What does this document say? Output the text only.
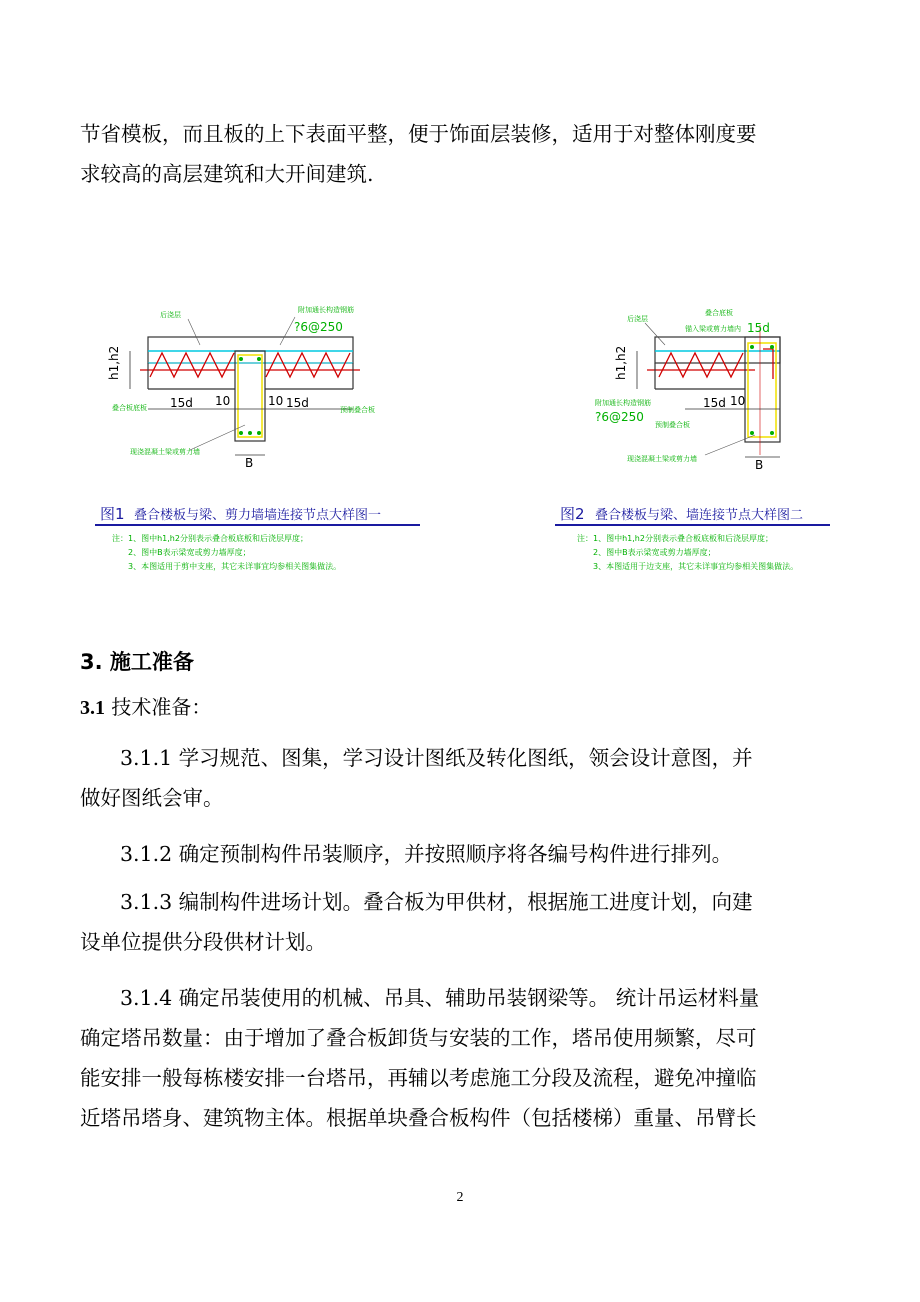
节省模板，而且板的上下表面平整，便于饰面层装修，适用于对整体刚度要
求较高的高层建筑和大开间建筑.

h1,h2
15d 10	10 15d
B
后浇层
附加通长构造钢筋
?6@250
叠合板底板	预制叠合板
现浇混凝土梁或剪力墙
图1 叠合楼板与梁、剪力墙墙连接节点大样图一
注：1、图中h1,h2分别表示叠合板底板和后浇层厚度；
2、图中B表示梁宽或剪力墙厚度；
3、本图适用于剪中支座，其它未详事宜均参相关图集做法。
h1,h2
15d 10
B
后浇层
叠合底板
锚入梁或剪力墙内 15d
附加通长构造钢筋
?6@250
预制叠合板
现浇混凝土梁或剪力墙
图2 叠合楼板与梁、墙连接节点大样图二
注：1、图中h1,h2分别表示叠合板底板和后浇层厚度；
2、图中B表示梁宽或剪力墙厚度；
3、本图适用于边支座，其它未详事宜均参相关图集做法。
3. 施工准备

3.1 技术准备：

3.1.1 学习规范、图集，学习设计图纸及转化图纸，领会设计意图，并
做好图纸会审。

3.1.2 确定预制构件吊装顺序，并按照顺序将各编号构件进行排列。

3.1.3 编制构件进场计划。叠合板为甲供材，根据施工进度计划，向建
设单位提供分段供材计划。

3.1.4 确定吊装使用的机械、吊具、辅助吊装钢梁等。 统计吊运材料量
确定塔吊数量：由于增加了叠合板卸货与安装的工作，塔吊使用频繁，尽可
能安排一般每栋楼安排一台塔吊，再辅以考虑施工分段及流程，避免冲撞临
近塔吊塔身、建筑物主体。根据单块叠合板构件（包括楼梯）重量、吊臂长

2
